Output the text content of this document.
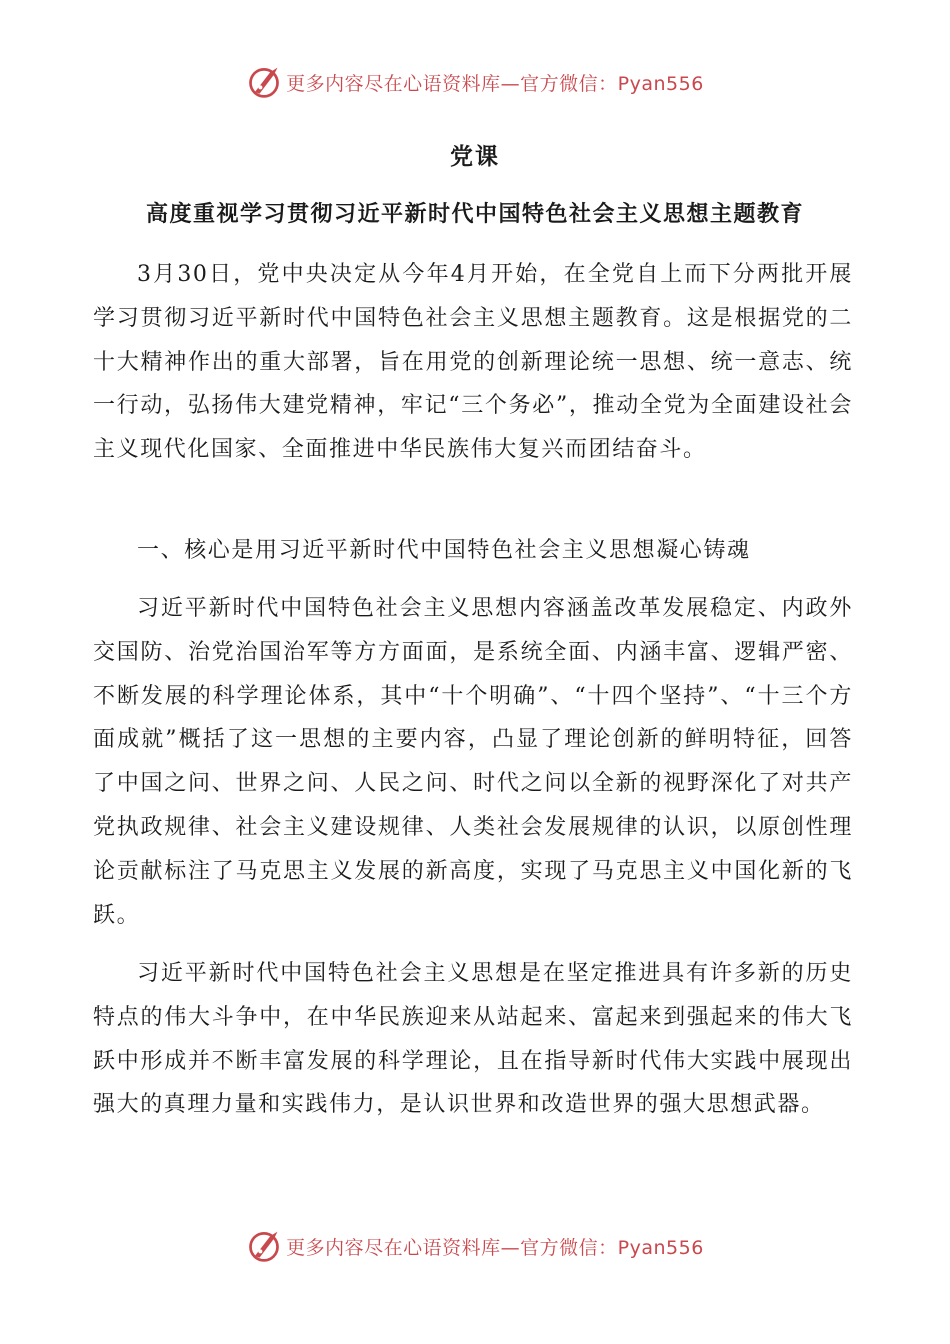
更多内容尽在心语资料库—官方微信：Pyan556
党课
高度重视学习贯彻习近平新时代中国特色社会主义思想主题教育

3月30日，党中央决定从今年4月开始，在全党自上而下分两批开展学习贯彻习近平新时代中国特色社会主义思想主题教育。这是根据党的二十大精神作出的重大部署，旨在用党的创新理论统一思想、统一意志、统一行动，弘扬伟大建党精神，牢记“三个务必”，推动全党为全面建设社会主义现代化国家、全面推进中华民族伟大复兴而团结奋斗。

一、核心是用习近平新时代中国特色社会主义思想凝心铸魂

习近平新时代中国特色社会主义思想内容涵盖改革发展稳定、内政外交国防、治党治国治军等方方面面，是系统全面、内涵丰富、逻辑严密、不断发展的科学理论体系，其中“十个明确”、“十四个坚持”、“十三个方面成就”概括了这一思想的主要内容，凸显了理论创新的鲜明特征，回答了中国之问、世界之问、人民之问、时代之问以全新的视野深化了对共产党执政规律、社会主义建设规律、人类社会发展规律的认识，以原创性理论贡献标注了马克思主义发展的新高度，实现了马克思主义中国化新的飞跃。

习近平新时代中国特色社会主义思想是在坚定推进具有许多新的历史特点的伟大斗争中，在中华民族迎来从站起来、富起来到强起来的伟大飞跃中形成并不断丰富发展的科学理论，且在指导新时代伟大实践中展现出强大的真理力量和实践伟力，是认识世界和改造世界的强大思想武器。

更多内容尽在心语资料库—官方微信：Pyan556
